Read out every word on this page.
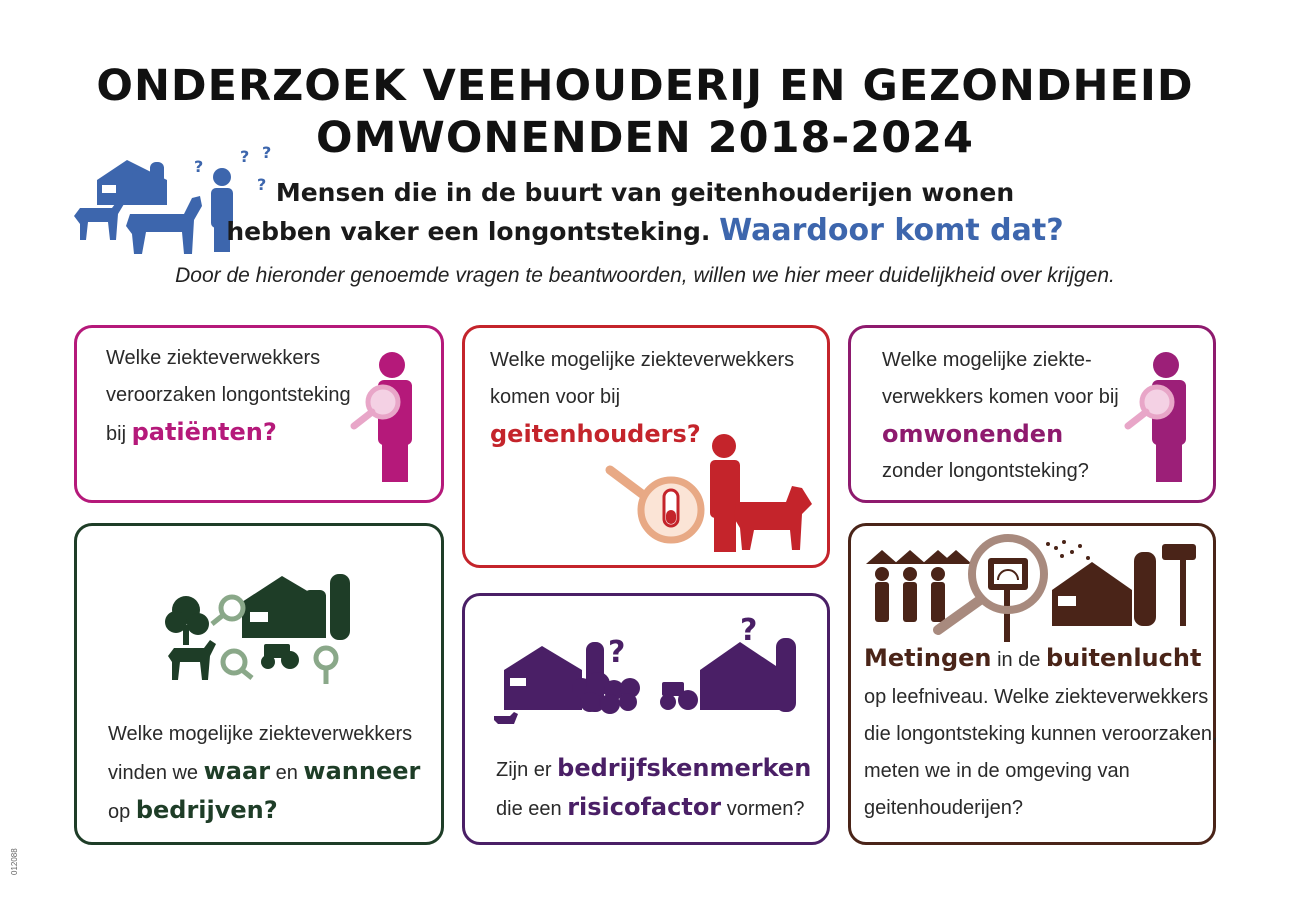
ONDERZOEK VEEHOUDERIJ EN GEZONDHEID
OMWONENDEN 2018-2024
?
? ?
? Mensen die in de buurt van geitenhouderijen wonen
hebben vaker een longontsteking. Waardoor komt dat?
Door de hieronder genoemde vragen te beantwoorden, willen we hier meer duidelijkheid over krijgen.
Welke ziekteverwekkers
veroorzaken longontsteking
bij patiënten?
Welke mogelijke ziekteverwekkers
komen voor bij
geitenhouders?
Welke mogelijke ziekte-
verwekkers komen voor bij
omwonenden
zonder longontsteking?
Welke mogelijke ziekteverwekkers
vinden we waar en wanneer
op bedrijven?
?
?
Zijn er bedrijfskenmerken
die een risicofactor vormen?
Metingen in de buitenlucht
op leefniveau. Welke ziekteverwekkers
die longontsteking kunnen veroorzaken,
meten we in de omgeving van
geitenhouderijen?
012088
